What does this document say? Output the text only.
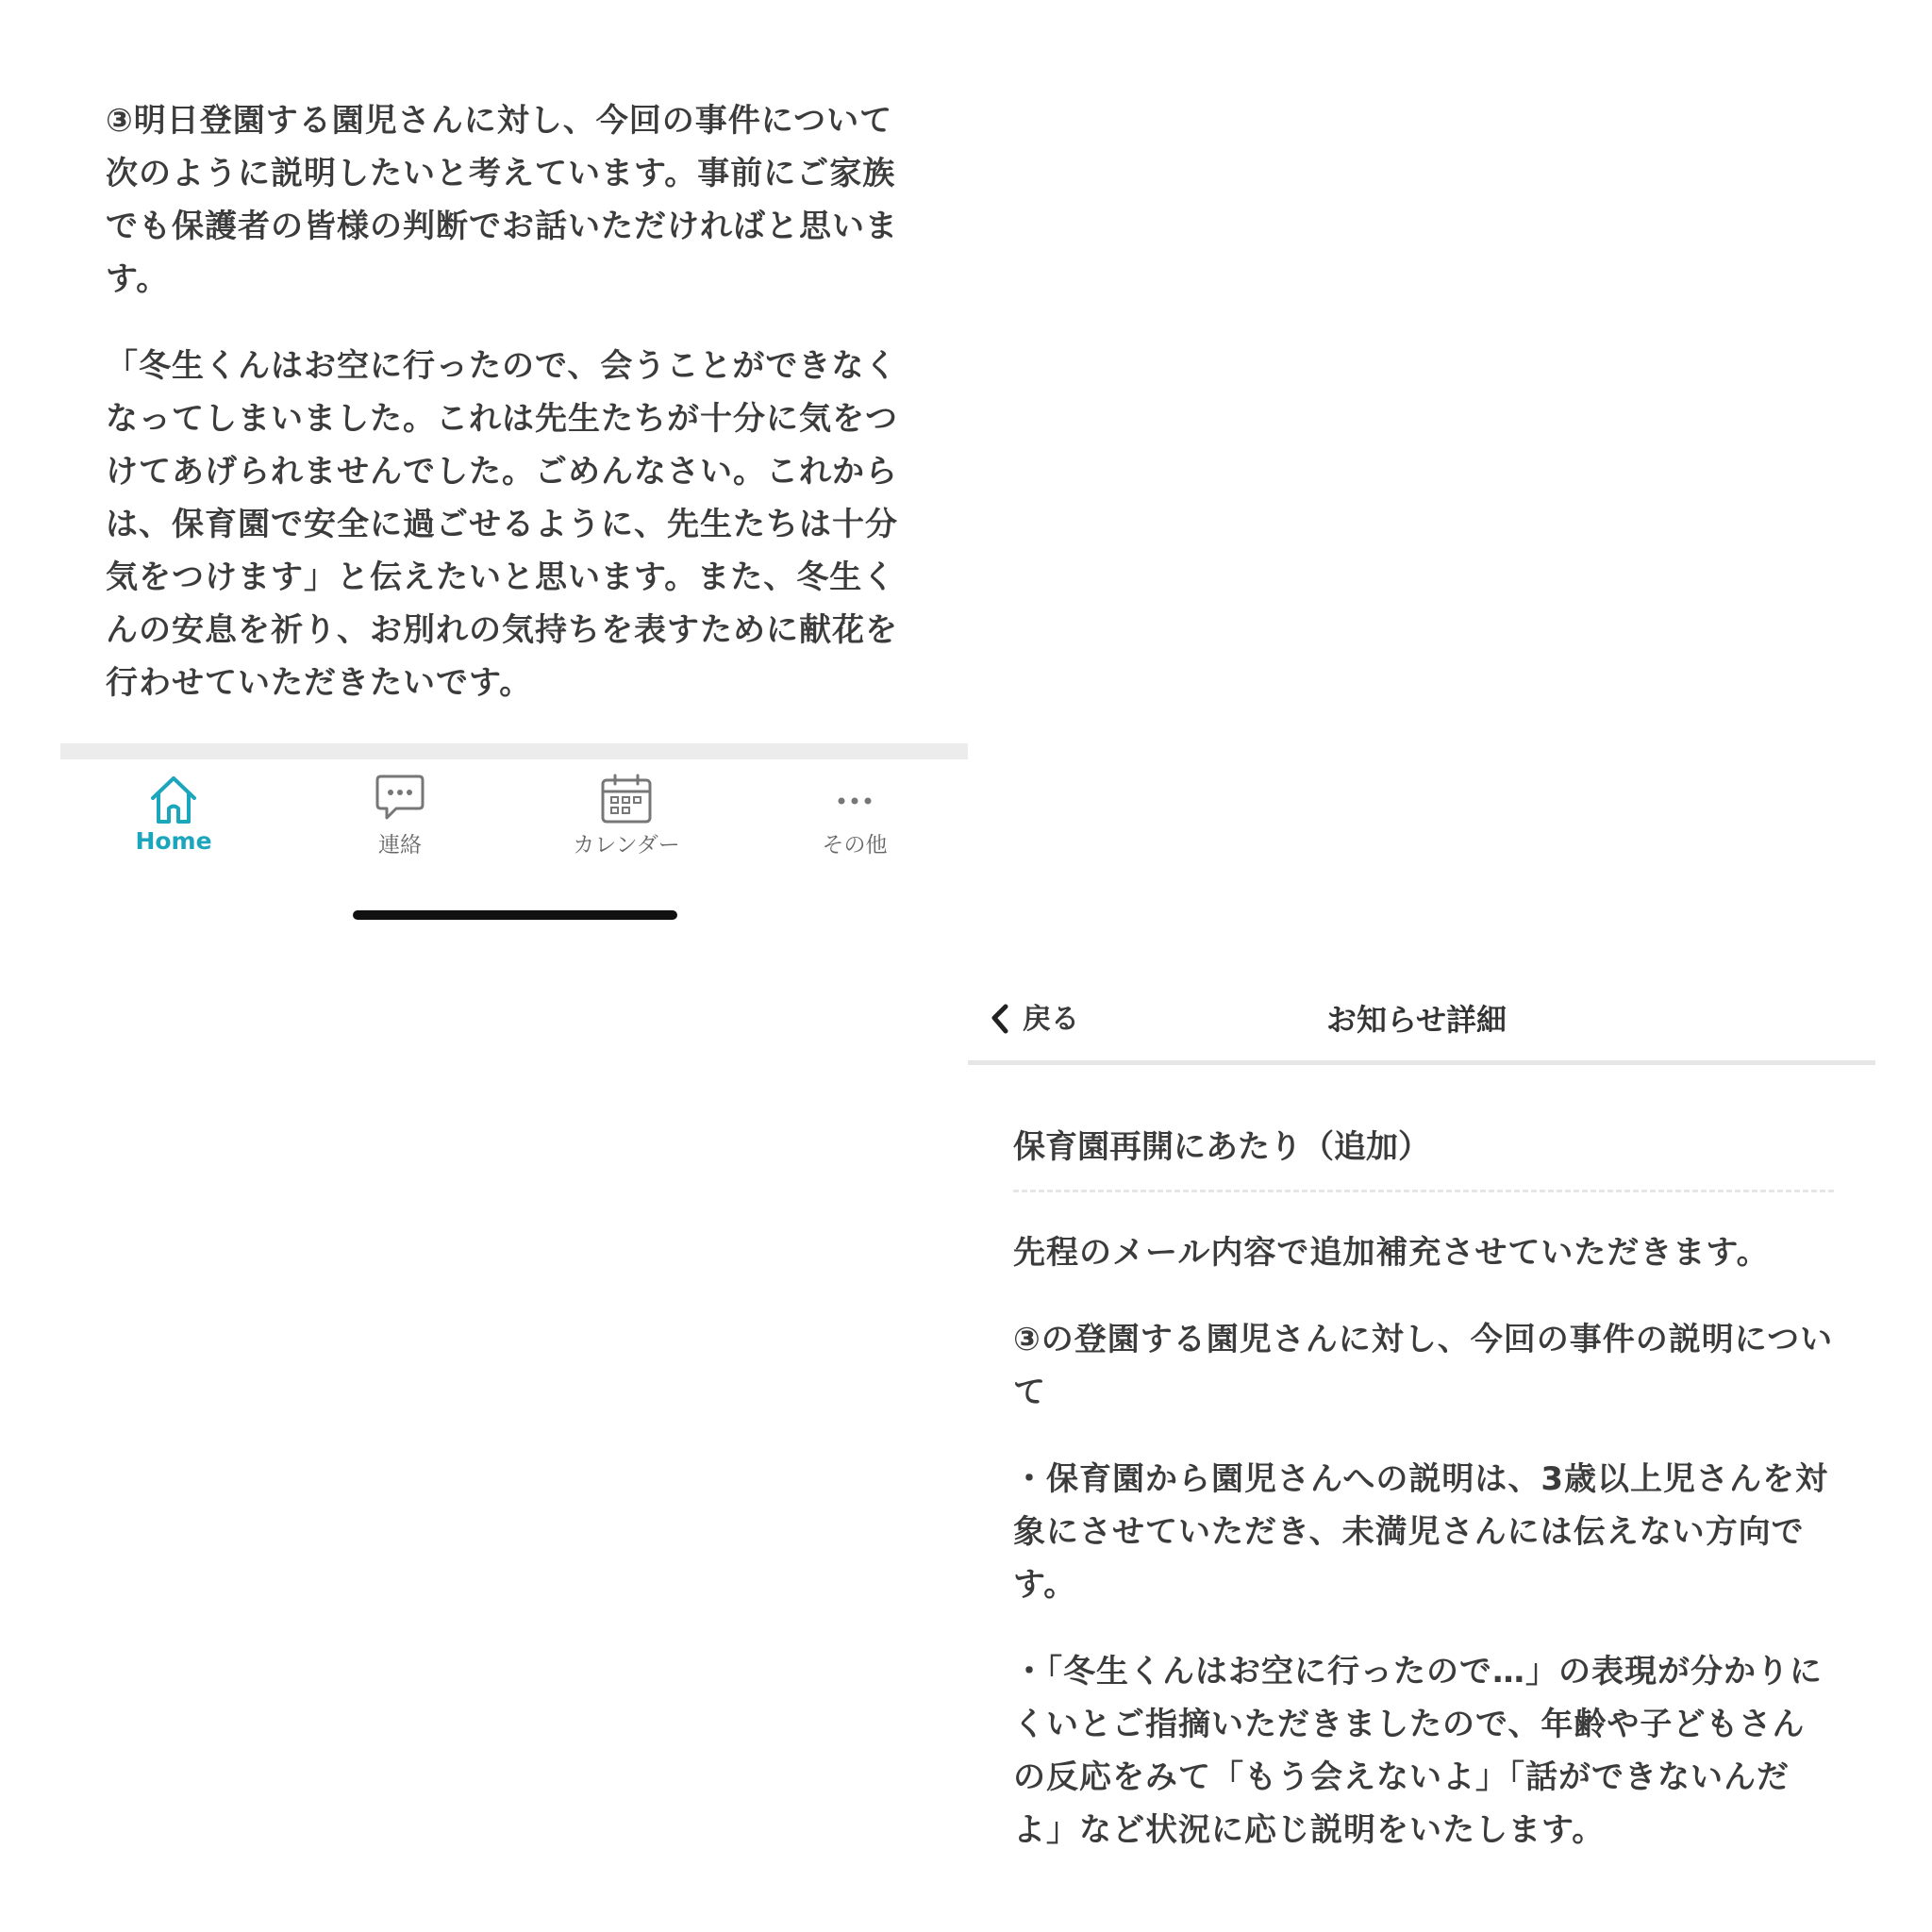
③明日登園する園児さんに対し、今回の事件について次のように説明したいと考えています。事前にご家族でも保護者の皆様の判断でお話いただければと思います。

「冬生くんはお空に行ったので、会うことができなくなってしまいました。これは先生たちが十分に気をつけてあげられませんでした。ごめんなさい。これからは、保育園で安全に過ごせるように、先生たちは十分気をつけます」と伝えたいと思います。また、冬生くんの安息を祈り、お別れの気持ちを表すために献花を行わせていただきたいです。

Home	連絡	カレンダー	その他
戻る	お知らせ詳細
保育園再開にあたり（追加）

先程のメール内容で追加補充させていただきます。

③の登園する園児さんに対し、今回の事件の説明について

・保育園から園児さんへの説明は、3歳以上児さんを対象にさせていただき、未満児さんには伝えない方向です。

・「冬生くんはお空に行ったので…」の表現が分かりにくいとご指摘いただきましたので、年齢や子どもさんの反応をみて「もう会えないよ」「話ができないんだよ」など状況に応じ説明をいたします。
